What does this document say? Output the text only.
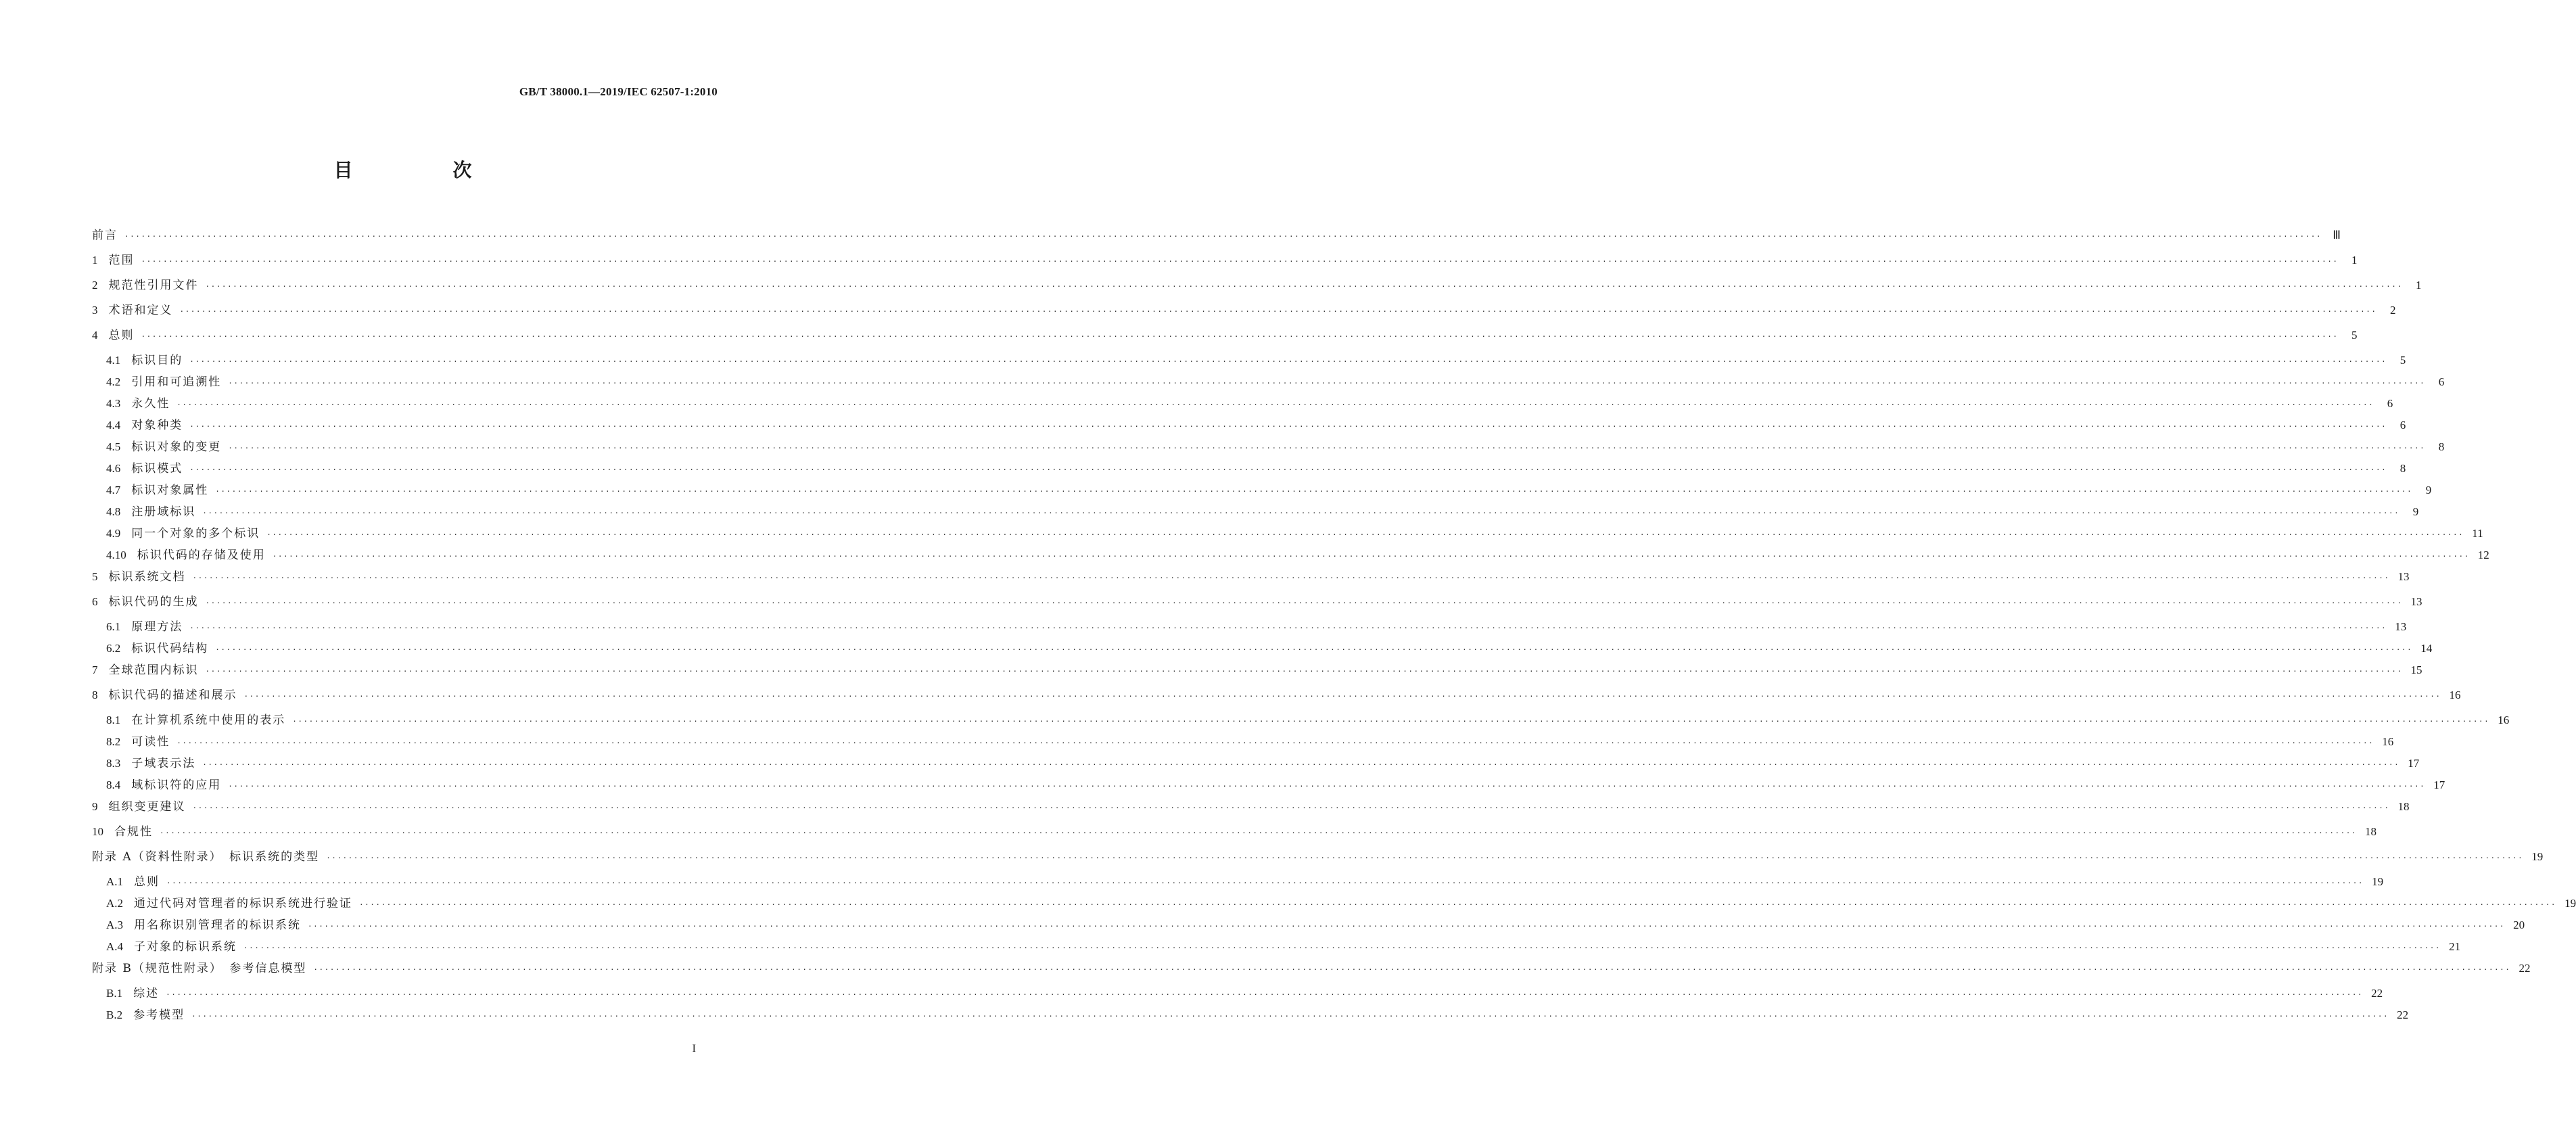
GB/T 38000.1—2019/IEC 62507-1:2010
目　次
前言 ················································································································································································································································································································································································································ Ⅲ
1 范围 ················································································································································································································································································································································································································	1
2 规范性引用文件 ················································································································································································································································································································································································································	1
3 术语和定义 ················································································································································································································································································································································································································	2
4 总则 ················································································································································································································································································································································································································	5
4.1 标识目的 ················································································································································································································································································································································································································	5
4.2 引用和可追溯性 ················································································································································································································································································································································································································	6
4.3 永久性 ················································································································································································································································································································································································································	6
4.4 对象种类 ················································································································································································································································································································································································································	6
4.5 标识对象的变更 ················································································································································································································································································································································································································	8
4.6 标识模式 ················································································································································································································································································································································································································	8
4.7 标识对象属性 ················································································································································································································································································································································································································	9
4.8 注册域标识 ················································································································································································································································································································································································································	9
4.9 同一个对象的多个标识 ················································································································································································································································································································································································································ 11
4.10 标识代码的存储及使用 ················································································································································································································································································································································································································ 12
5 标识系统文档 ················································································································································································································································································································································································································ 13
6 标识代码的生成 ················································································································································································································································································································································································································ 13
6.1 原理方法 ················································································································································································································································································································································································································ 13
6.2 标识代码结构 ················································································································································································································································································································································································································ 14
7 全球范围内标识 ················································································································································································································································································································································································································ 15
8 标识代码的描述和展示 ················································································································································································································································································································································································································ 16
8.1 在计算机系统中使用的表示 ················································································································································································································································································································································································································ 16
8.2 可读性 ················································································································································································································································································································································································································ 16
8.3 子域表示法 ················································································································································································································································································································································································································ 17
8.4 域标识符的应用 ················································································································································································································································································································································································································ 17
9 组织变更建议 ················································································································································································································································································································································································································ 18
10 合规性 ················································································································································································································································································································································································································ 18
附录 A（资料性附录）　标识系统的类型 ················································································································································································································································································································································································································ 19
A.1 总则 ················································································································································································································································································································································································································ 19
A.2 通过代码对管理者的标识系统进行验证 ················································································································································································································································································································································································································ 19
A.3 用名称识别管理者的标识系统 ················································································································································································································································································································································································································ 20
A.4 子对象的标识系统 ················································································································································································································································································································································································································ 21
附录 B（规范性附录）　参考信息模型 ················································································································································································································································································································································································································ 22
B.1 综述 ················································································································································································································································································································································································································ 22
B.2 参考模型 ················································································································································································································································································································································································································ 22
I
